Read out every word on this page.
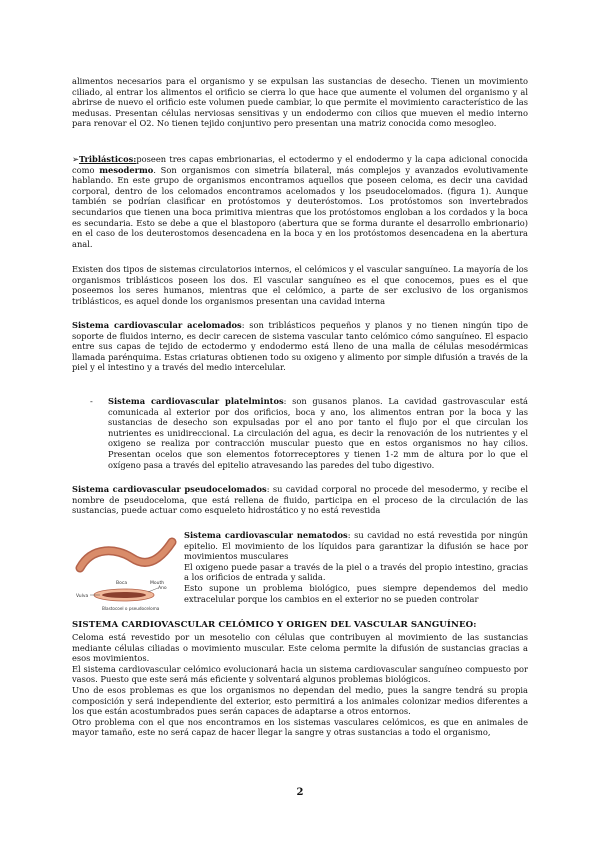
alimentos necesarios para el organismo y se expulsan las sustancias de desecho. Tienen un movimiento ciliado, al entrar los alimentos el orificio se cierra lo que hace que aumente el volumen del organismo y al abrirse de nuevo el orificio este volumen puede cambiar, lo que permite el movimiento característico de las medusas. Presentan células nerviosas sensitivas y un endodermo con cilios que mueven el medio interno para renovar el O2. No tienen tejido conjuntivo pero presentan una matriz conocida como mesogleo.

➢Triblásticos:poseen tres capas embrionarias, el ectodermo y el endodermo y la capa adicional conocida como mesodermo. Son organismos con simetría bilateral, más complejos y avanzados evolutivamente hablando. En este grupo de organismos encontramos aquellos que poseen celoma, es decir una cavidad corporal, dentro de los celomados encontramos acelomados y los pseudocelomados. (figura 1). Aunque también se podrían clasificar en protóstomos y deuteróstomos. Los protóstomos son invertebrados secundarios que tienen una boca primitiva mientras que los protóstomos engloban a los cordados y la boca es secundaria. Esto se debe a que el blastoporo (abertura que se forma durante el desarrollo embrionario) en el caso de los deuterostomos desencadena en la boca y en los protóstomos desencadena en la abertura anal.

Existen dos tipos de sistemas circulatorios internos, el celómicos y el vascular sanguíneo. La mayoría de los organismos triblásticos poseen los dos. El vascular sanguíneo es el que conocemos, pues es el que poseemos los seres humanos, mientras que el celómico, a parte de ser exclusivo de los organismos triblásticos, es aquel donde los organismos presentan una cavidad interna

Sistema cardiovascular acelomados: son triblásticos pequeños y planos y no tienen ningún tipo de soporte de fluidos interno, es decir carecen de sistema vascular tanto celómico cómo sanguíneo. El espacio entre sus capas de tejido de ectodermo y endodermo está lleno de una malla de células mesodérmicas llamada parénquima. Estas criaturas obtienen todo su oxigeno y alimento por simple difusión a través de la piel y el intestino y a través del medio intercelular.

- Sistema cardiovascular platelmintos: son gusanos planos. La cavidad gastrovascular está comunicada al exterior por dos orificios, boca y ano, los alimentos entran por la boca y las sustancias de desecho son expulsadas por el ano por tanto el flujo por el que circulan los nutrientes es unidireccional. La circulación del agua, es decir la renovación de los nutrientes y el oxigeno se realiza por contracción muscular puesto que en estos organismos no hay cilios. Presentan ocelos que son elementos fotorreceptores y tienen 1-2 mm de altura por lo que el oxígeno pasa a través del epitelio atravesando las paredes del tubo digestivo.

Sistema cardiovascular pseudocelomados: su cavidad corporal no procede del mesodermo, y recibe el nombre de pseudoceloma, que está rellena de fluido, participa en el proceso de la circulación de las sustancias, puede actuar como esqueleto hidrostático y no está revestida

Boca	Mouth
Vulva
Ano
Blastocoel o pseudoceloma

Sistema cardiovascular nematodos: su cavidad no está revestida por ningún epitelio. El movimiento de los líquidos para garantizar la difusión se hace por movimientos musculares

El oxigeno puede pasar a través de la piel o a través del propio intestino, gracias a los orificios de entrada y salida.

Esto supone un problema biológico, pues siempre dependemos del medio extracelular porque los cambios en el exterior no se pueden controlar

SISTEMA CARDIOVASCULAR CELÓMICO Y ORIGEN DEL VASCULAR SANGUÍNEO:

Celoma está revestido por un mesotelio con células que contribuyen al movimiento de las sustancias mediante células ciliadas o movimiento muscular. Este celoma permite la difusión de sustancias gracias a esos movimientos.

El sistema cardiovascular celómico evolucionará hacia un sistema cardiovascular sanguíneo compuesto por vasos. Puesto que este será más eficiente y solventará algunos problemas biológicos.

Uno de esos problemas es que los organismos no dependan del medio, pues la sangre tendrá su propia composición y será independiente del exterior, esto permitirá a los animales colonizar medios diferentes a los que están acostumbrados pues serán capaces de adaptarse a otros entornos.

Otro problema con el que nos encontramos en los sistemas vasculares celómicos, es que en animales de mayor tamaño, este no será capaz de hacer llegar la sangre y otras sustancias a todo el organismo,

2
